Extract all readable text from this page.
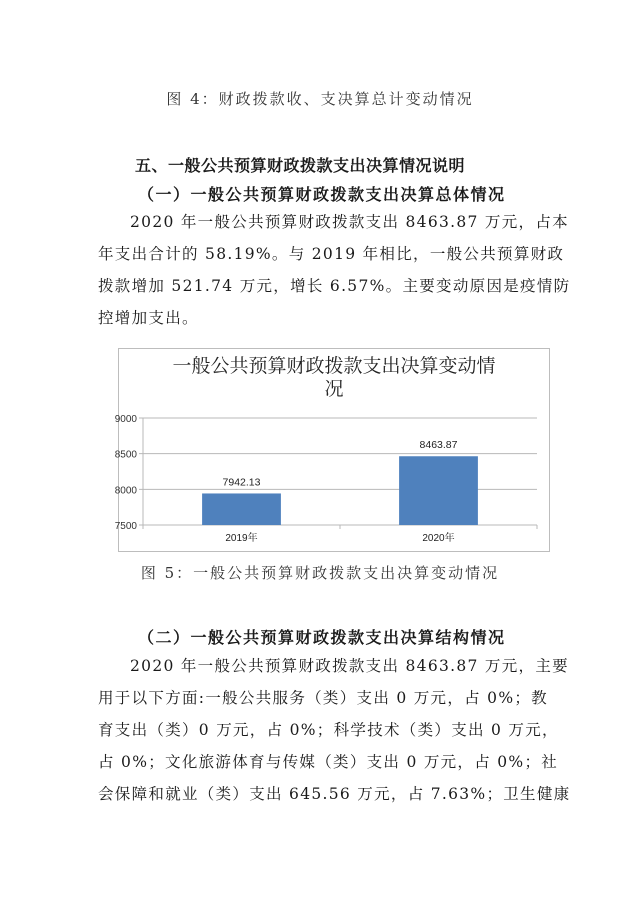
图 4：财政拨款收、支决算总计变动情况
五、一般公共预算财政拨款支出决算情况说明
（一）一般公共预算财政拨款支出决算总体情况
2020 年一般公共预算财政拨款支出 8463.87 万元，占本
年支出合计的 58.19%。与 2019 年相比，一般公共预算财政
拨款增加 521.74 万元，增长 6.57%。主要变动原因是疫情防
控增加支出。
一般公共预算财政拨款支出决算变动情
况
7500
8000
8500
9000
7942.13
2019年
8463.87
2020年
图 5：一般公共预算财政拨款支出决算变动情况
（二）一般公共预算财政拨款支出决算结构情况
2020 年一般公共预算财政拨款支出 8463.87 万元，主要
用于以下方面:一般公共服务（类）支出 0 万元，占 0%；教
育支出（类）0 万元，占 0%；科学技术（类）支出 0 万元，
占 0%；文化旅游体育与传媒（类）支出 0 万元，占 0%；社
会保障和就业（类）支出 645.56 万元，占 7.63%；卫生健康
